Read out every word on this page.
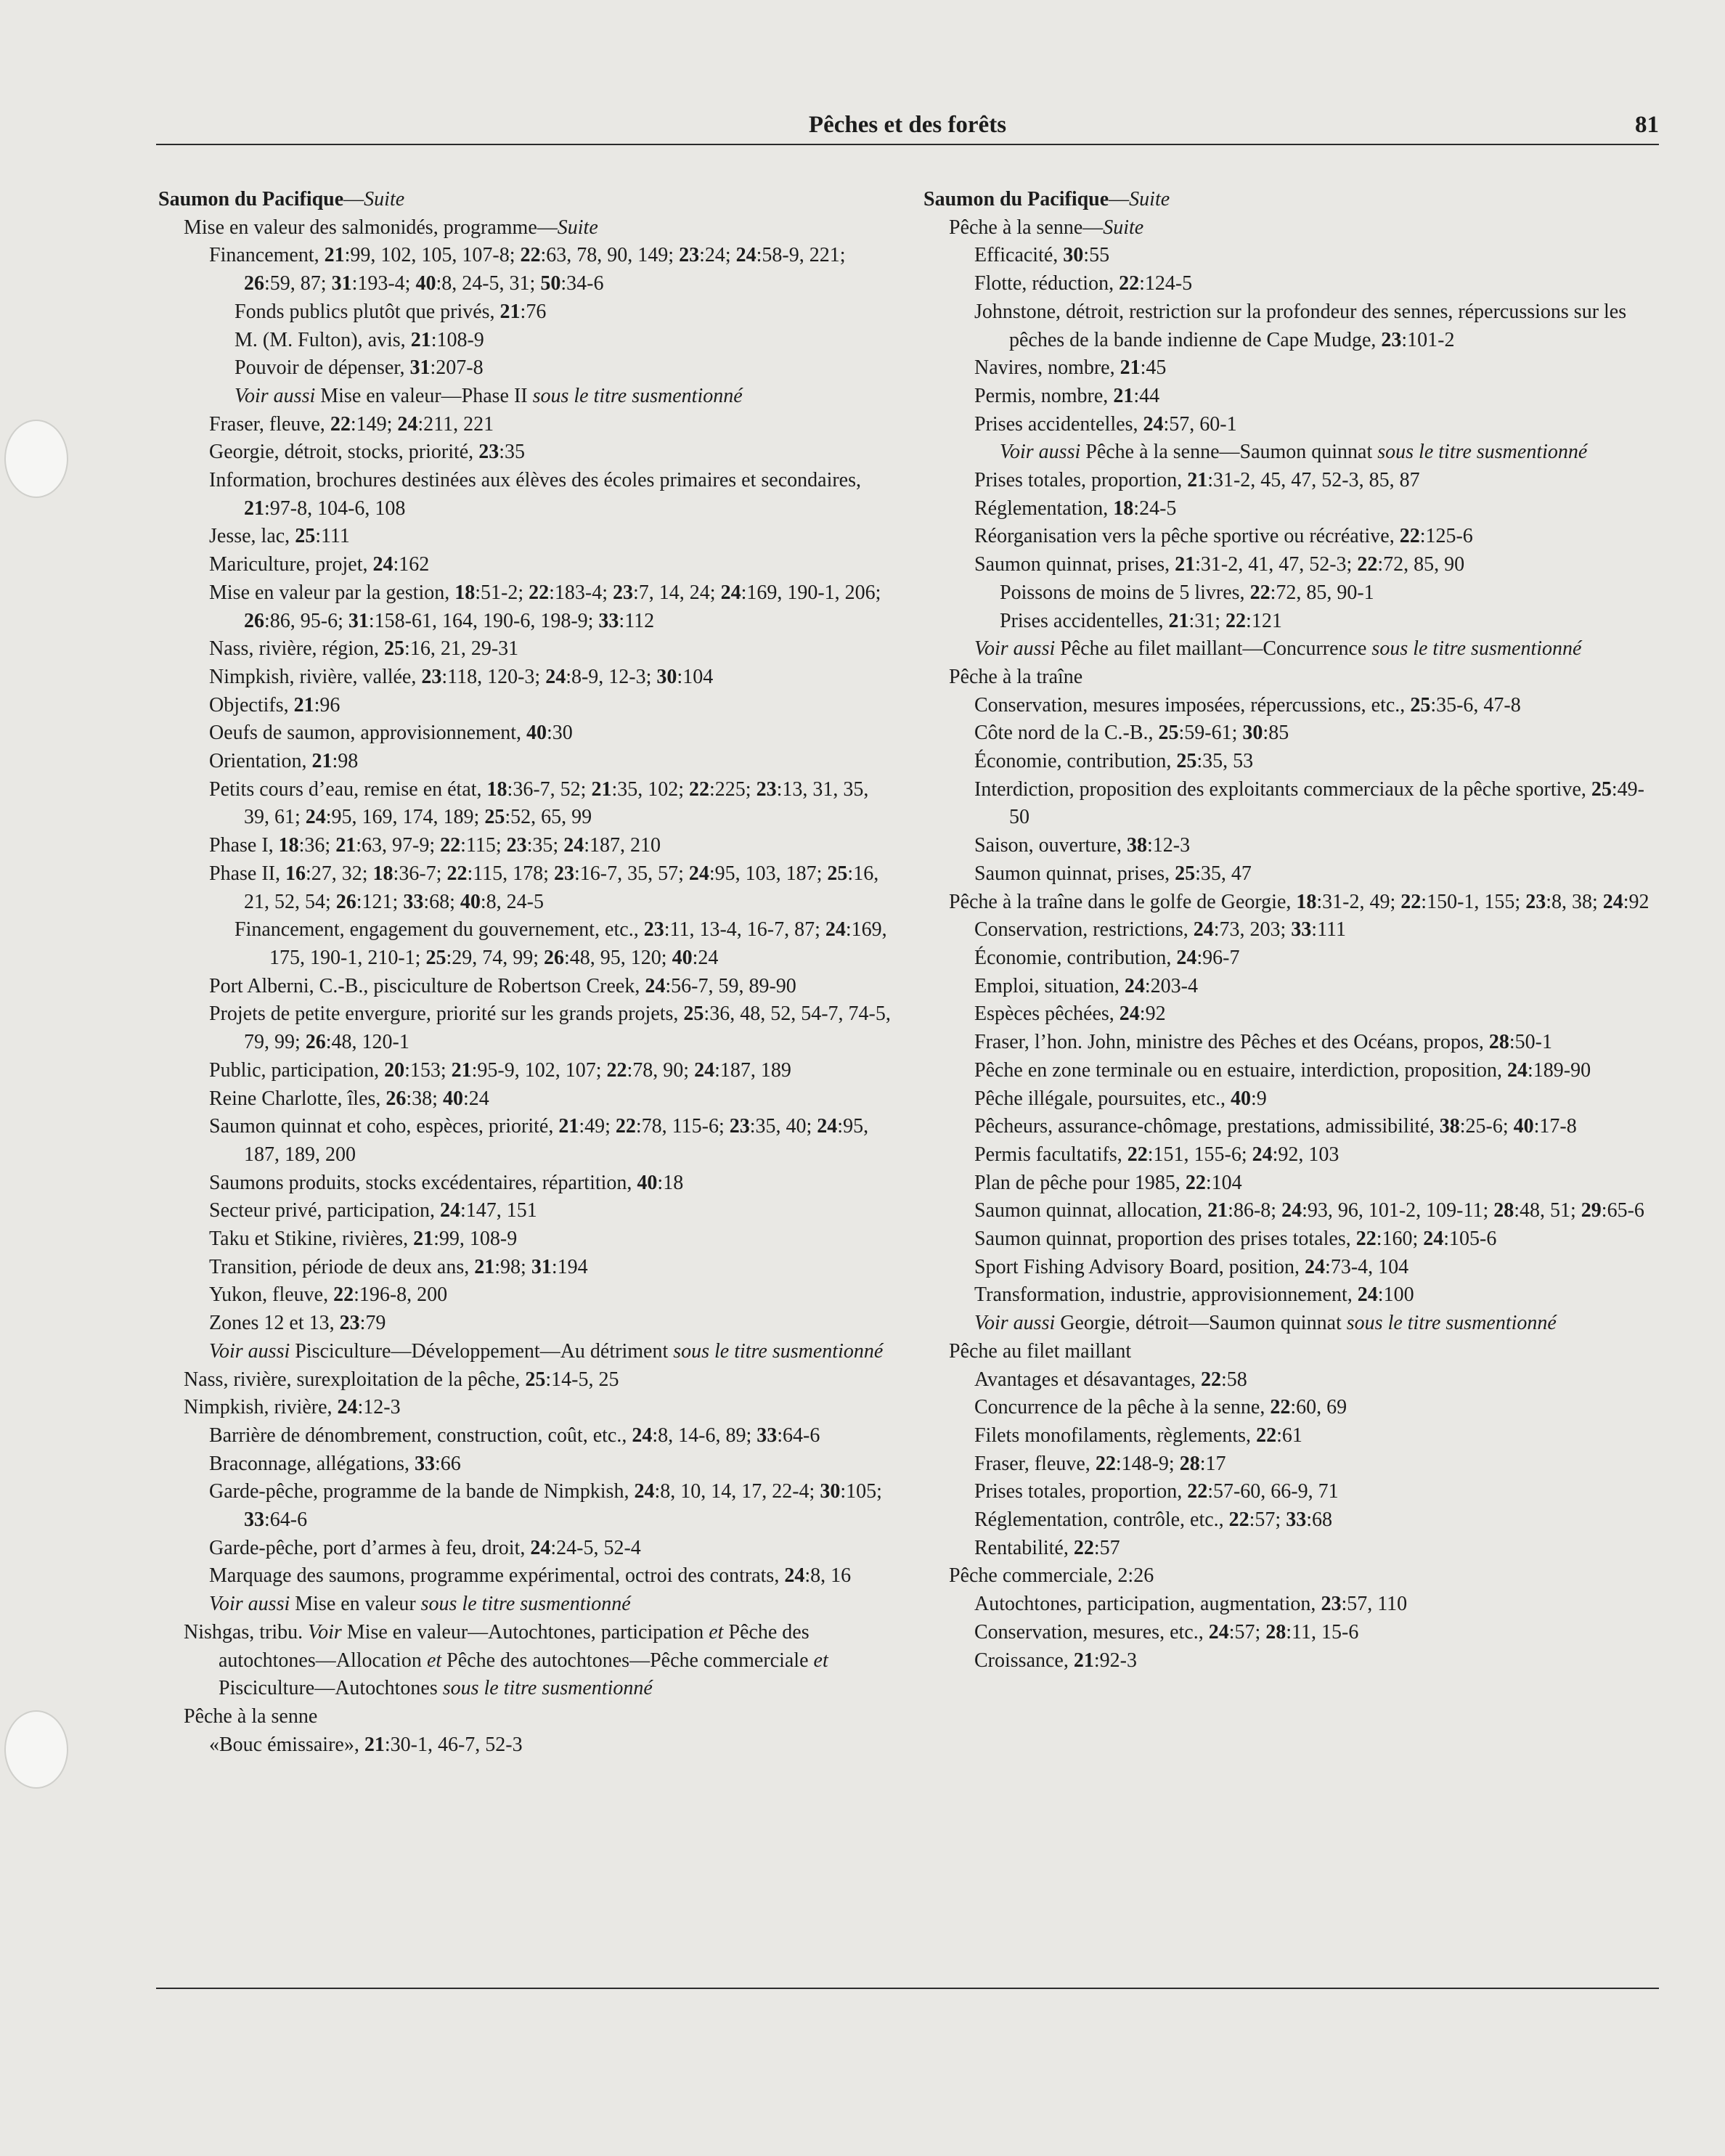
Pêches et des forêts	81
Saumon du Pacifique—Suite
Mise en valeur des salmonidés, programme—Suite
Financement, 21:99, 102, 105, 107-8; 22:63, 78, 90, 149; 23:24; 24:58-9, 221; 26:59, 87; 31:193-4; 40:8, 24-5, 31; 50:34-6
Fonds publics plutôt que privés, 21:76
M. (M. Fulton), avis, 21:108-9
Pouvoir de dépenser, 31:207-8
Voir aussi Mise en valeur—Phase II sous le titre susmentionné
Fraser, fleuve, 22:149; 24:211, 221
Georgie, détroit, stocks, priorité, 23:35
Information, brochures destinées aux élèves des écoles primaires et secondaires, 21:97-8, 104-6, 108
Jesse, lac, 25:111
Mariculture, projet, 24:162
Mise en valeur par la gestion, 18:51-2; 22:183-4; 23:7, 14, 24; 24:169, 190-1, 206; 26:86, 95-6; 31:158-61, 164, 190-6, 198-9; 33:112
Nass, rivière, région, 25:16, 21, 29-31
Nimpkish, rivière, vallée, 23:118, 120-3; 24:8-9, 12-3; 30:104
Objectifs, 21:96
Oeufs de saumon, approvisionnement, 40:30
Orientation, 21:98
Petits cours d’eau, remise en état, 18:36-7, 52; 21:35, 102; 22:225; 23:13, 31, 35, 39, 61; 24:95, 169, 174, 189; 25:52, 65, 99
Phase I, 18:36; 21:63, 97-9; 22:115; 23:35; 24:187, 210
Phase II, 16:27, 32; 18:36-7; 22:115, 178; 23:16-7, 35, 57; 24:95, 103, 187; 25:16, 21, 52, 54; 26:121; 33:68; 40:8, 24-5
Financement, engagement du gouvernement, etc., 23:11, 13-4, 16-7, 87; 24:169, 175, 190-1, 210-1; 25:29, 74, 99; 26:48, 95, 120; 40:24
Port Alberni, C.-B., pisciculture de Robertson Creek, 24:56-7, 59, 89-90
Projets de petite envergure, priorité sur les grands projets, 25:36, 48, 52, 54-7, 74-5, 79, 99; 26:48, 120-1
Public, participation, 20:153; 21:95-9, 102, 107; 22:78, 90; 24:187, 189
Reine Charlotte, îles, 26:38; 40:24
Saumon quinnat et coho, espèces, priorité, 21:49; 22:78, 115-6; 23:35, 40; 24:95, 187, 189, 200
Saumons produits, stocks excédentaires, répartition, 40:18
Secteur privé, participation, 24:147, 151
Taku et Stikine, rivières, 21:99, 108-9
Transition, période de deux ans, 21:98; 31:194
Yukon, fleuve, 22:196-8, 200
Zones 12 et 13, 23:79
Voir aussi Pisciculture—Développement—Au détriment sous le titre susmentionné
Nass, rivière, surexploitation de la pêche, 25:14-5, 25
Nimpkish, rivière, 24:12-3
Barrière de dénombrement, construction, coût, etc., 24:8, 14-6, 89; 33:64-6
Braconnage, allégations, 33:66
Garde-pêche, programme de la bande de Nimpkish, 24:8, 10, 14, 17, 22-4; 30:105; 33:64-6
Garde-pêche, port d’armes à feu, droit, 24:24-5, 52-4
Marquage des saumons, programme expérimental, octroi des contrats, 24:8, 16
Voir aussi Mise en valeur sous le titre susmentionné
Nishgas, tribu. Voir Mise en valeur—Autochtones, participation et Pêche des autochtones—Allocation et Pêche des autochtones—Pêche commerciale et Pisciculture—Autochtones sous le titre susmentionné
Pêche à la senne
«Bouc émissaire», 21:30-1, 46-7, 52-3
Saumon du Pacifique—Suite
Pêche à la senne—Suite
Efficacité, 30:55
Flotte, réduction, 22:124-5
Johnstone, détroit, restriction sur la profondeur des sennes, répercussions sur les pêches de la bande indienne de Cape Mudge, 23:101-2
Navires, nombre, 21:45
Permis, nombre, 21:44
Prises accidentelles, 24:57, 60-1
Voir aussi Pêche à la senne—Saumon quinnat sous le titre susmentionné
Prises totales, proportion, 21:31-2, 45, 47, 52-3, 85, 87
Réglementation, 18:24-5
Réorganisation vers la pêche sportive ou récréative, 22:125-6
Saumon quinnat, prises, 21:31-2, 41, 47, 52-3; 22:72, 85, 90
Poissons de moins de 5 livres, 22:72, 85, 90-1
Prises accidentelles, 21:31; 22:121
Voir aussi Pêche au filet maillant—Concurrence sous le titre susmentionné
Pêche à la traîne
Conservation, mesures imposées, répercussions, etc., 25:35-6, 47-8
Côte nord de la C.-B., 25:59-61; 30:85
Économie, contribution, 25:35, 53
Interdiction, proposition des exploitants commerciaux de la pêche sportive, 25:49-50
Saison, ouverture, 38:12-3
Saumon quinnat, prises, 25:35, 47
Pêche à la traîne dans le golfe de Georgie, 18:31-2, 49; 22:150-1, 155; 23:8, 38; 24:92
Conservation, restrictions, 24:73, 203; 33:111
Économie, contribution, 24:96-7
Emploi, situation, 24:203-4
Espèces pêchées, 24:92
Fraser, l’hon. John, ministre des Pêches et des Océans, propos, 28:50-1
Pêche en zone terminale ou en estuaire, interdiction, proposition, 24:189-90
Pêche illégale, poursuites, etc., 40:9
Pêcheurs, assurance-chômage, prestations, admissibilité, 38:25-6; 40:17-8
Permis facultatifs, 22:151, 155-6; 24:92, 103
Plan de pêche pour 1985, 22:104
Saumon quinnat, allocation, 21:86-8; 24:93, 96, 101-2, 109-11; 28:48, 51; 29:65-6
Saumon quinnat, proportion des prises totales, 22:160; 24:105-6
Sport Fishing Advisory Board, position, 24:73-4, 104
Transformation, industrie, approvisionnement, 24:100
Voir aussi Georgie, détroit—Saumon quinnat sous le titre susmentionné
Pêche au filet maillant
Avantages et désavantages, 22:58
Concurrence de la pêche à la senne, 22:60, 69
Filets monofilaments, règlements, 22:61
Fraser, fleuve, 22:148-9; 28:17
Prises totales, proportion, 22:57-60, 66-9, 71
Réglementation, contrôle, etc., 22:57; 33:68
Rentabilité, 22:57
Pêche commerciale, 2:26
Autochtones, participation, augmentation, 23:57, 110
Conservation, mesures, etc., 24:57; 28:11, 15-6
Croissance, 21:92-3
